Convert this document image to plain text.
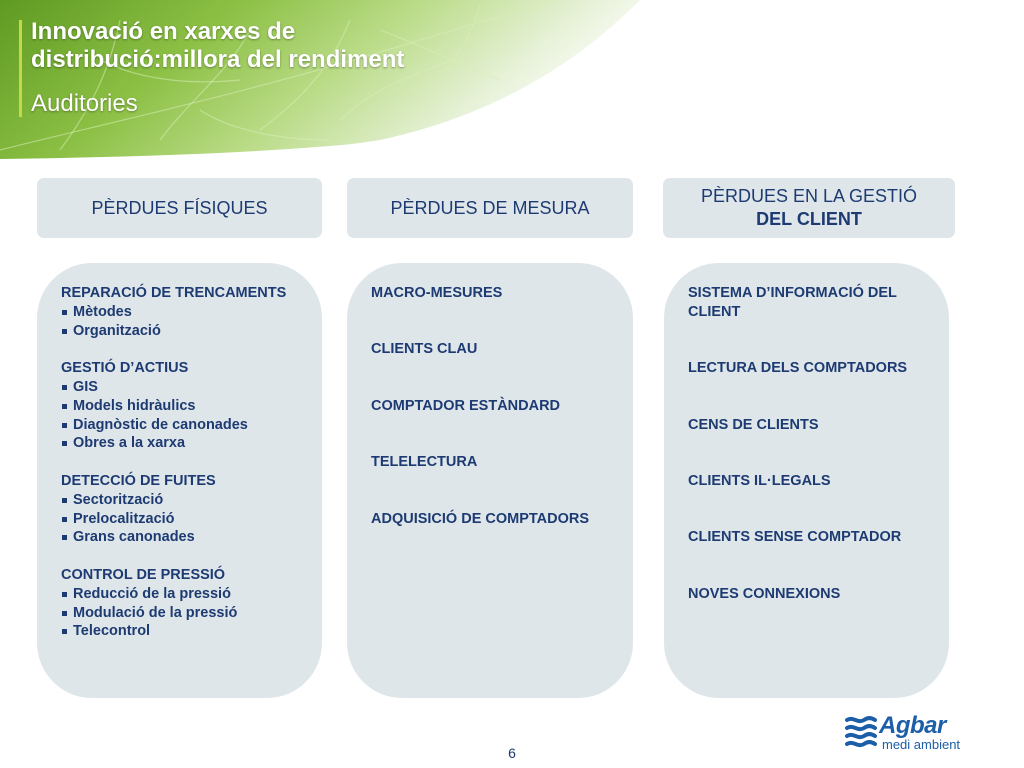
Innovació en xarxes de
distribució:millora del rendiment

Auditories

PÈRDUES FÍSIQUES	PÈRDUES DE MESURA
PÈRDUES EN LA GESTIÓ
DEL CLIENT
REPARACIÓ DE TRENCAMENTS
Mètodes
Organització
GESTIÓ D’ACTIUS
GIS
Models hidràulics
Diagnòstic de canonades
Obres a la xarxa
DETECCIÓ DE FUITES
Sectorització
Prelocalització
Grans canonades
CONTROL DE PRESSIÓ
Reducció de la pressió
Modulació de la pressió
Telecontrol
MACRO-MESURES
CLIENTS CLAU
COMPTADOR ESTÀNDARD
TELELECTURA
ADQUISICIÓ DE COMPTADORS
SISTEMA D’INFORMACIÓ DEL CLIENT
LECTURA DELS COMPTADORS
CENS DE CLIENTS
CLIENTS IL·LEGALS
CLIENTS SENSE COMPTADOR
NOVES CONNEXIONS
6
Agbar
medi ambient
